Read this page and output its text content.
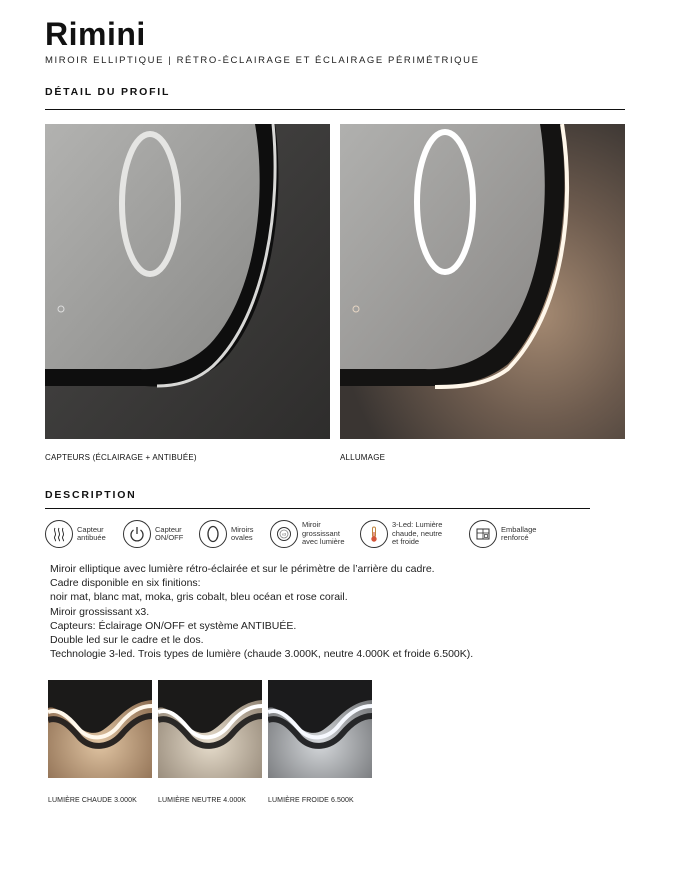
Rimini
MIROIR ELLIPTIQUE | RÉTRO-ÉCLAIRAGE ET ÉCLAIRAGE PÉRIMÉTRIQUE
DÉTAIL DU PROFIL
CAPTEURS (ÉCLAIRAGE + ANTIBUÉE)	ALLUMAGE
DESCRIPTION
Capteur
antibuée
Capteur
ON/OFF
Miroirs
ovales	x3
Miroir
grossissant
avec lumière
3-Led: Lumière
chaude, neutre
et froide
Emballage
renforcé

Miroir elliptique avec lumière rétro-éclairée et sur le périmètre de l’arrière du cadre.

Cadre disponible en six finitions:

noir mat, blanc mat, moka, gris cobalt, bleu océan et rose corail.

Miroir grossissant x3.

Capteurs: Éclairage ON/OFF et système ANTIBUÉE.

Double led sur le cadre et le dos.

Technologie 3-led. Trois types de lumière (chaude 3.000K, neutre 4.000K et froide 6.500K).

LUMIÈRE CHAUDE 3.000K	LUMIÈRE NEUTRE 4.000K	LUMIÈRE FROIDE 6.500K
